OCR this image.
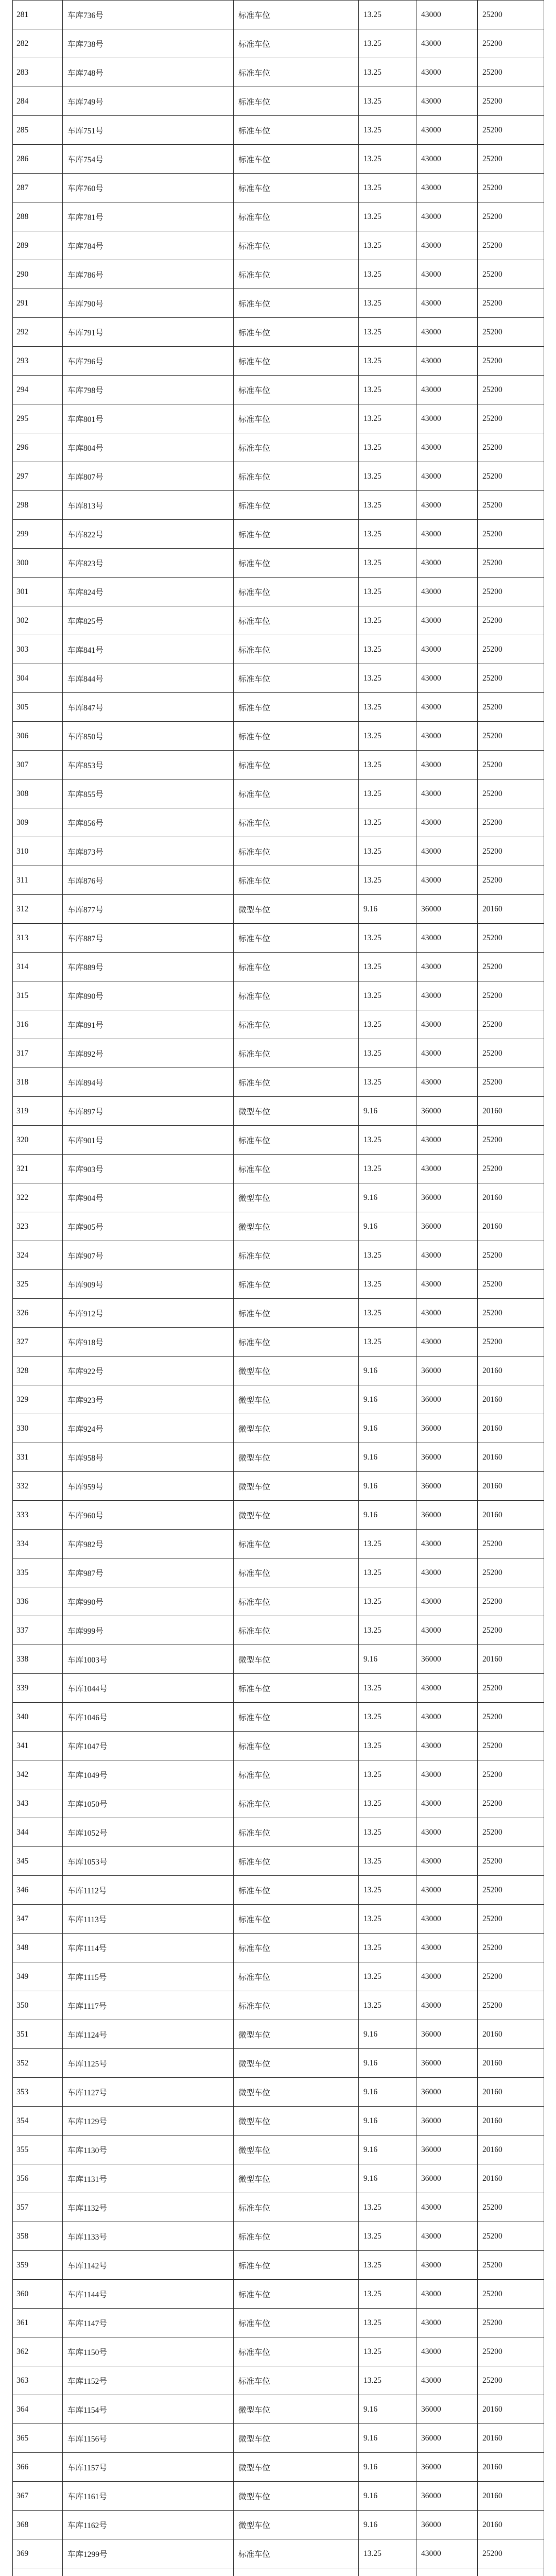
281	车库736号	标准车位	13.25	43000	25200
282	车库738号	标准车位	13.25	43000	25200
283	车库748号	标准车位	13.25	43000	25200
284	车库749号	标准车位	13.25	43000	25200
285	车库751号	标准车位	13.25	43000	25200
286	车库754号	标准车位	13.25	43000	25200
287	车库760号	标准车位	13.25	43000	25200
288	车库781号	标准车位	13.25	43000	25200
289	车库784号	标准车位	13.25	43000	25200
290	车库786号	标准车位	13.25	43000	25200
291	车库790号	标准车位	13.25	43000	25200
292	车库791号	标准车位	13.25	43000	25200
293	车库796号	标准车位	13.25	43000	25200
294	车库798号	标准车位	13.25	43000	25200
295	车库801号	标准车位	13.25	43000	25200
296	车库804号	标准车位	13.25	43000	25200
297	车库807号	标准车位	13.25	43000	25200
298	车库813号	标准车位	13.25	43000	25200
299	车库822号	标准车位	13.25	43000	25200
300	车库823号	标准车位	13.25	43000	25200
301	车库824号	标准车位	13.25	43000	25200
302	车库825号	标准车位	13.25	43000	25200
303	车库841号	标准车位	13.25	43000	25200
304	车库844号	标准车位	13.25	43000	25200
305	车库847号	标准车位	13.25	43000	25200
306	车库850号	标准车位	13.25	43000	25200
307	车库853号	标准车位	13.25	43000	25200
308	车库855号	标准车位	13.25	43000	25200
309	车库856号	标准车位	13.25	43000	25200
310	车库873号	标准车位	13.25	43000	25200
311	车库876号	标准车位	13.25	43000	25200
312	车库877号	微型车位	9.16	36000	20160
313	车库887号	标准车位	13.25	43000	25200
314	车库889号	标准车位	13.25	43000	25200
315	车库890号	标准车位	13.25	43000	25200
316	车库891号	标准车位	13.25	43000	25200
317	车库892号	标准车位	13.25	43000	25200
318	车库894号	标准车位	13.25	43000	25200
319	车库897号	微型车位	9.16	36000	20160
320	车库901号	标准车位	13.25	43000	25200
321	车库903号	标准车位	13.25	43000	25200
322	车库904号	微型车位	9.16	36000	20160
323	车库905号	微型车位	9.16	36000	20160
324	车库907号	标准车位	13.25	43000	25200
325	车库909号	标准车位	13.25	43000	25200
326	车库912号	标准车位	13.25	43000	25200
327	车库918号	标准车位	13.25	43000	25200
328	车库922号	微型车位	9.16	36000	20160
329	车库923号	微型车位	9.16	36000	20160
330	车库924号	微型车位	9.16	36000	20160
331	车库958号	微型车位	9.16	36000	20160
332	车库959号	微型车位	9.16	36000	20160
333	车库960号	微型车位	9.16	36000	20160
334	车库982号	标准车位	13.25	43000	25200
335	车库987号	标准车位	13.25	43000	25200
336	车库990号	标准车位	13.25	43000	25200
337	车库999号	标准车位	13.25	43000	25200
338	车库1003号	微型车位	9.16	36000	20160
339	车库1044号	标准车位	13.25	43000	25200
340	车库1046号	标准车位	13.25	43000	25200
341	车库1047号	标准车位	13.25	43000	25200
342	车库1049号	标准车位	13.25	43000	25200
343	车库1050号	标准车位	13.25	43000	25200
344	车库1052号	标准车位	13.25	43000	25200
345	车库1053号	标准车位	13.25	43000	25200
346	车库1112号	标准车位	13.25	43000	25200
347	车库1113号	标准车位	13.25	43000	25200
348	车库1114号	标准车位	13.25	43000	25200
349	车库1115号	标准车位	13.25	43000	25200
350	车库1117号	标准车位	13.25	43000	25200
351	车库1124号	微型车位	9.16	36000	20160
352	车库1125号	微型车位	9.16	36000	20160
353	车库1127号	微型车位	9.16	36000	20160
354	车库1129号	微型车位	9.16	36000	20160
355	车库1130号	微型车位	9.16	36000	20160
356	车库1131号	微型车位	9.16	36000	20160
357	车库1132号	标准车位	13.25	43000	25200
358	车库1133号	标准车位	13.25	43000	25200
359	车库1142号	标准车位	13.25	43000	25200
360	车库1144号	标准车位	13.25	43000	25200
361	车库1147号	标准车位	13.25	43000	25200
362	车库1150号	标准车位	13.25	43000	25200
363	车库1152号	标准车位	13.25	43000	25200
364	车库1154号	微型车位	9.16	36000	20160
365	车库1156号	微型车位	9.16	36000	20160
366	车库1157号	微型车位	9.16	36000	20160
367	车库1161号	微型车位	9.16	36000	20160
368	车库1162号	微型车位	9.16	36000	20160
369	车库1299号	标准车位	13.25	43000	25200
